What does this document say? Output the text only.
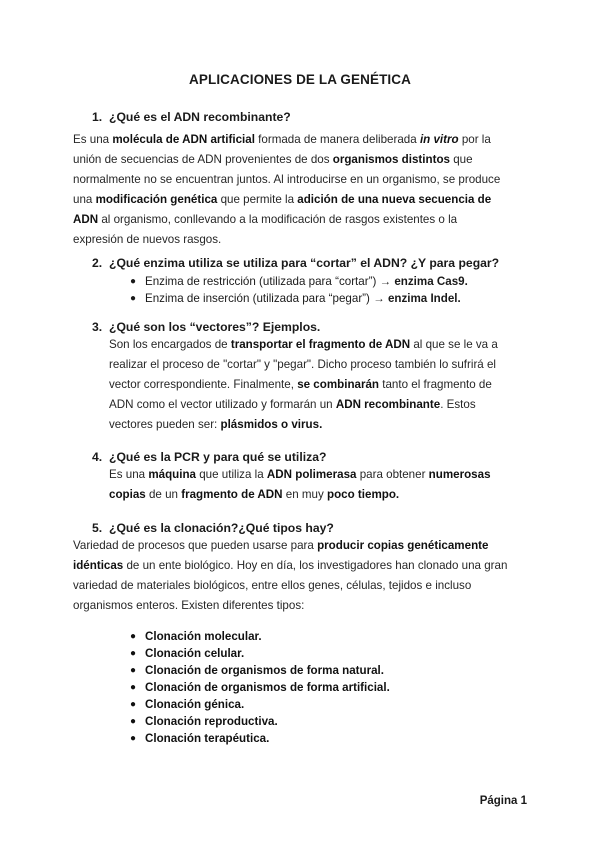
APLICACIONES DE LA GENÉTICA
1. ¿Qué es el ADN recombinante?
Es una molécula de ADN artificial formada de manera deliberada in vitro por la
unión de secuencias de ADN provenientes de dos organismos distintos que
normalmente no se encuentran juntos. Al introducirse en un organismo, se produce
una modificación genética que permite la adición de una nueva secuencia de
ADN al organismo, conllevando a la modificación de rasgos existentes o la
expresión de nuevos rasgos.
2. ¿Qué enzima utiliza se utiliza para “cortar” el ADN? ¿Y para pegar?
● Enzima de restricción (utilizada para “cortar”) → enzima Cas9.
● Enzima de inserción (utilizada para “pegar”) → enzima Indel.
3. ¿Qué son los “vectores”? Ejemplos.
Son los encargados de transportar el fragmento de ADN al que se le va a
realizar el proceso de "cortar" y "pegar". Dicho proceso también lo sufrirá el
vector correspondiente. Finalmente, se combinarán tanto el fragmento de
ADN como el vector utilizado y formarán un ADN recombinante. Estos
vectores pueden ser: plásmidos o virus.
4. ¿Qué es la PCR y para qué se utiliza?
Es una máquina que utiliza la ADN polimerasa para obtener numerosas
copias de un fragmento de ADN en muy poco tiempo.
5. ¿Qué es la clonación?¿Qué tipos hay?
Variedad de procesos que pueden usarse para producir copias genéticamente
idénticas de un ente biológico. Hoy en día, los investigadores han clonado una gran
variedad de materiales biológicos, entre ellos genes, células, tejidos e incluso
organismos enteros. Existen diferentes tipos:
● Clonación molecular.
● Clonación celular.
● Clonación de organismos de forma natural.
● Clonación de organismos de forma artificial.
● Clonación génica.
● Clonación reproductiva.
● Clonación terapéutica.
Página 1
